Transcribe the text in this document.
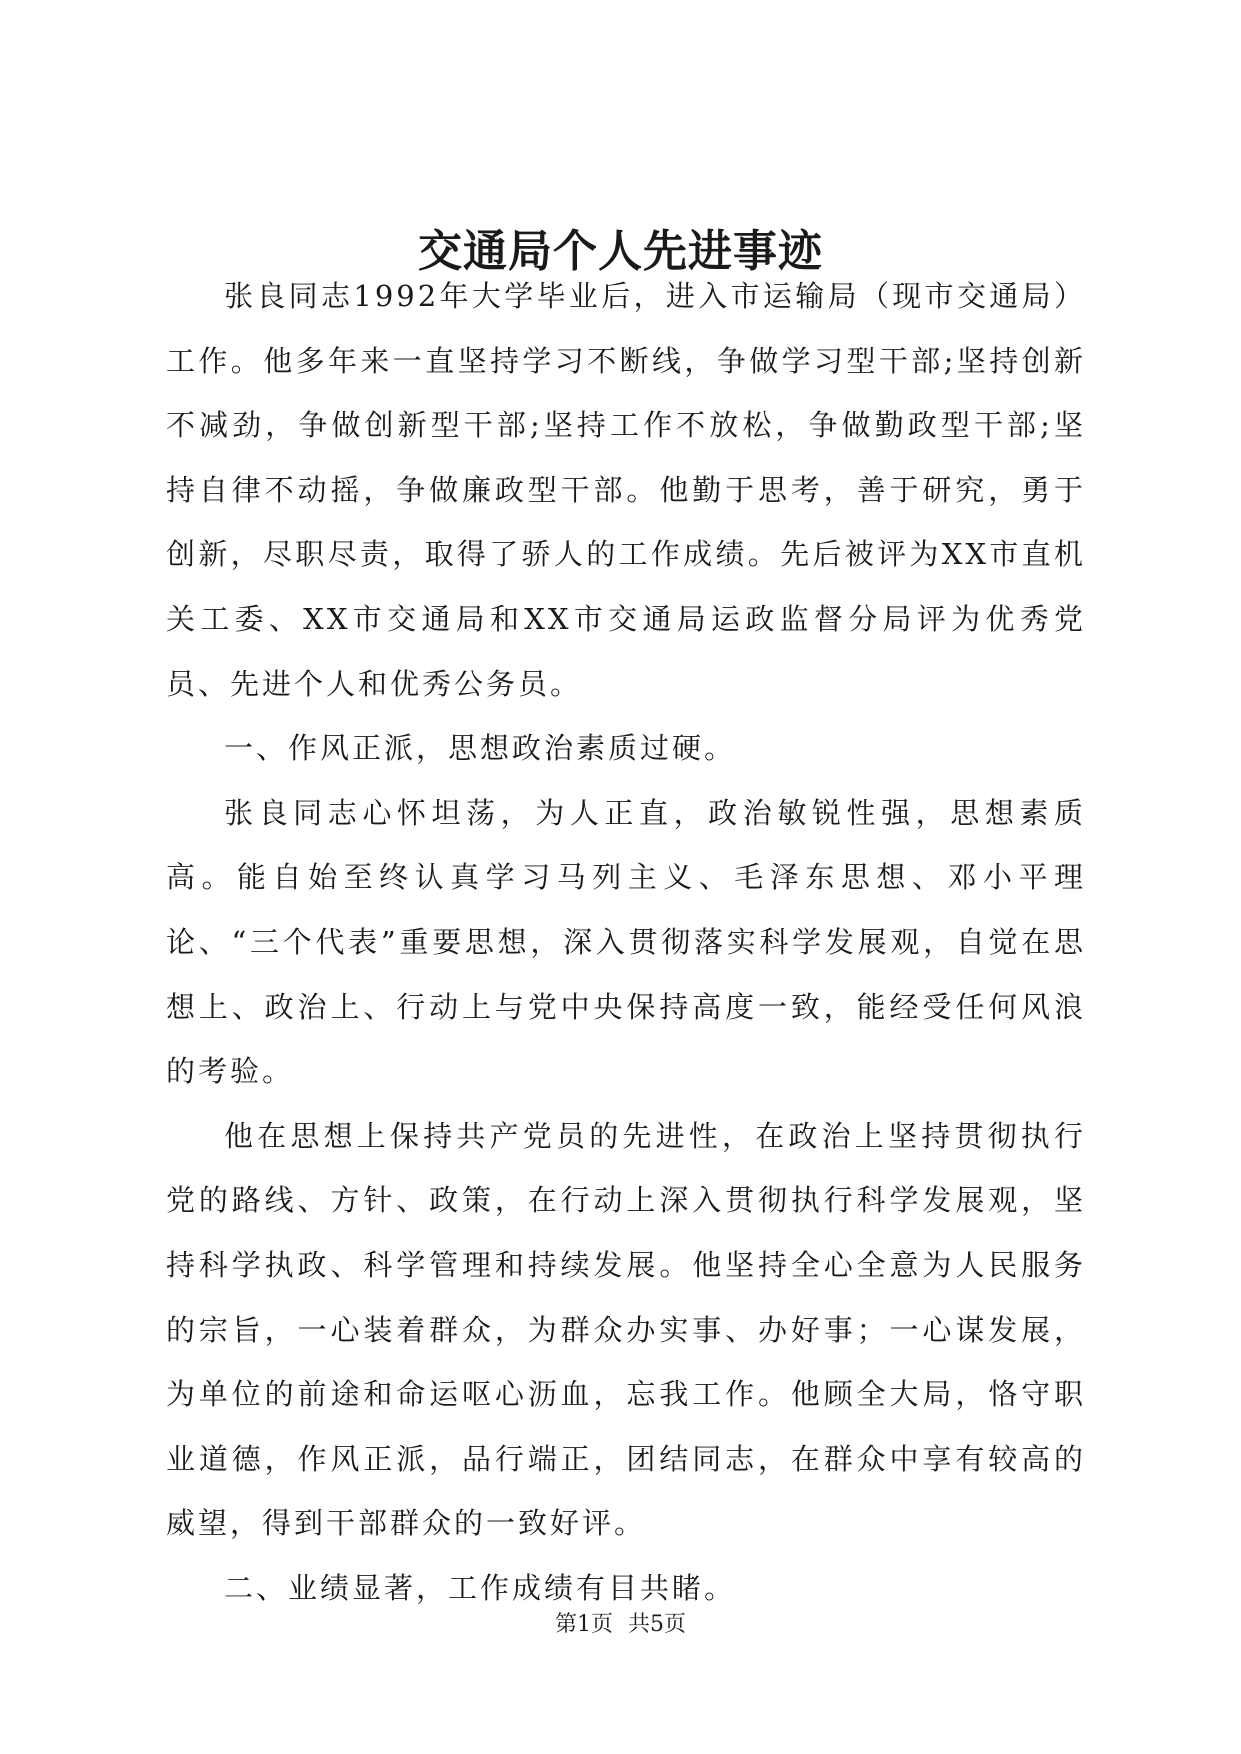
交通局个人先进事迹

张良同志1992年大学毕业后，进入市运输局（现市交通局）工作。他多年来一直坚持学习不断线，争做学习型干部;坚持创新不减劲，争做创新型干部;坚持工作不放松，争做勤政型干部;坚持自律不动摇，争做廉政型干部。他勤于思考，善于研究，勇于创新，尽职尽责，取得了骄人的工作成绩。先后被评为XX市直机关工委、XX市交通局和XX市交通局运政监督分局评为优秀党员、先进个人和优秀公务员。

一、作风正派，思想政治素质过硬。

张良同志心怀坦荡，为人正直，政治敏锐性强，思想素质高。能自始至终认真学习马列主义、毛泽东思想、邓小平理论、“三个代表”重要思想，深入贯彻落实科学发展观，自觉在思想上、政治上、行动上与党中央保持高度一致，能经受任何风浪的考验。

他在思想上保持共产党员的先进性，在政治上坚持贯彻执行党的路线、方针、政策，在行动上深入贯彻执行科学发展观，坚持科学执政、科学管理和持续发展。他坚持全心全意为人民服务的宗旨，一心装着群众，为群众办实事、办好事；一心谋发展，为单位的前途和命运呕心沥血，忘我工作。他顾全大局，恪守职业道德，作风正派，品行端正，团结同志，在群众中享有较高的威望，得到干部群众的一致好评。

二、业绩显著，工作成绩有目共睹。

第1页 共5页
